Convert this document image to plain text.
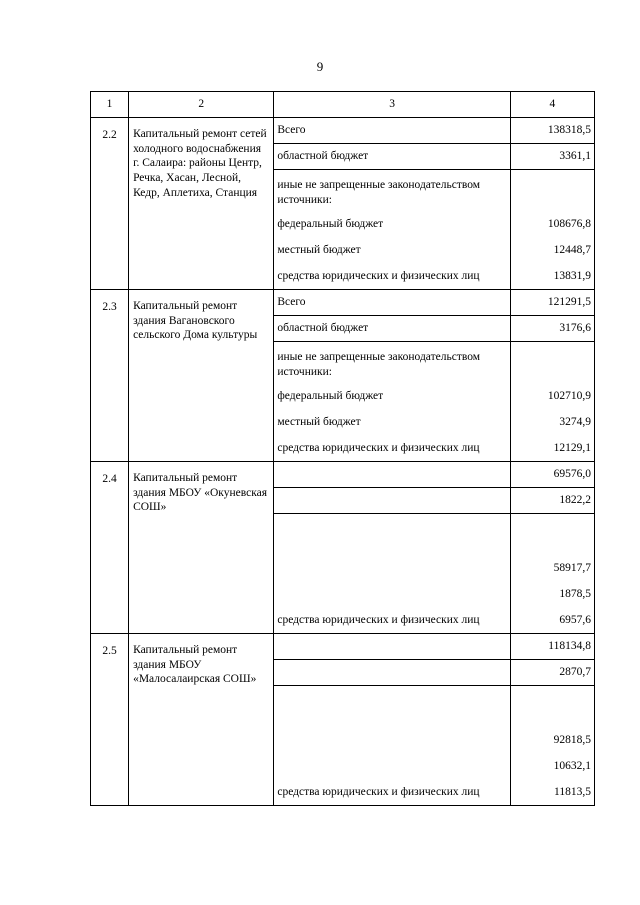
9
1	2	3	4
2.2	Капитальный ремонт сетей холодного водоснабжения г. Салаира: районы Центр, Речка, Хасан, Лесной, Кедр, Аплетиха, Станция	Всего	138318,5
		областной бюджет	3361,1
		иные не запрещенные законодательством источники:	
		федеральный бюджет	108676,8
		местный бюджет	12448,7
		средства юридических и физических лиц	13831,9
2.3	Капитальный ремонт здания Вагановского сельского Дома культуры	Всего	121291,5
		областной бюджет	3176,6
		иные не запрещенные законодательством источники:	
		федеральный бюджет	102710,9
		местный бюджет	3274,9
		средства юридических и физических лиц	12129,1
2.4	Капитальный ремонт здания МБОУ «Окуневская СОШ»		69576,0
			1822,2

			58917,7
			1878,5
		средства юридических и физических лиц	6957,6
2.5	Капитальный ремонт здания МБОУ «Малосалаирская СОШ»		118134,8
			2870,7

			92818,5
			10632,1
		средства юридических и физических лиц	11813,5
